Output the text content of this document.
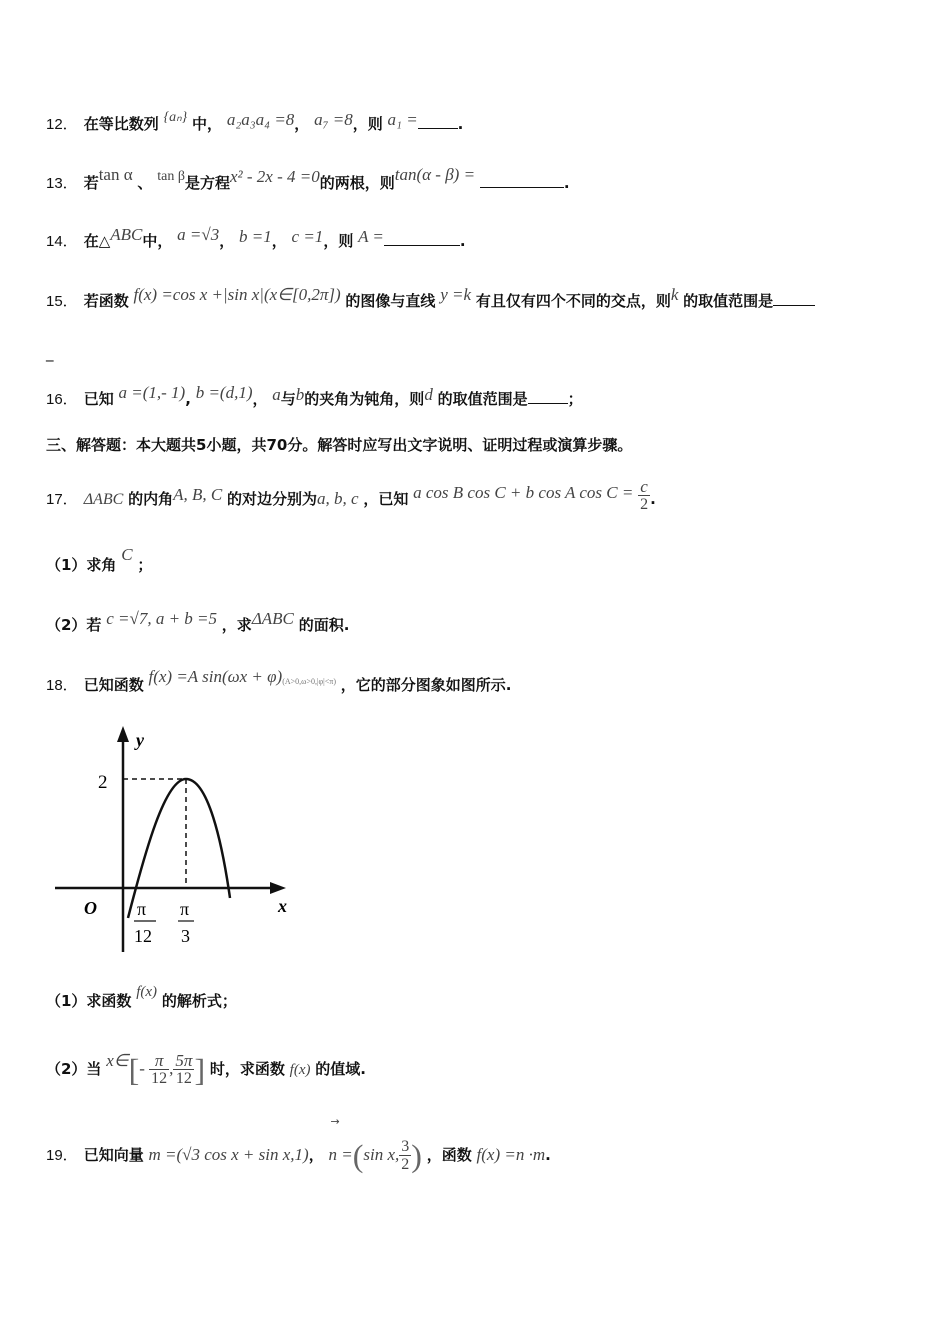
12． 在等比数列 {aₙ} 中， a₂a₃a₄ =8， a₇ =8，则 a₁ =	.
13． 若tan α 、 tan β是方程x² - 2x - 4 =0的两根，则tan(α - β) =	.
14． 在△ABC中， a =√3， b =1， c =1，则 A =	.
15． 若函数 f(x) =cos x +|sin x|(x∈[0,2π]) 的图像与直线 y =k 有且仅有四个不同的交点，则k 的取值范围是
_
16． 已知 a =(1,- 1), b =(d,1)， a与b的夹角为钝角，则d 的取值范围是	；
三、解答题：本大题共5小题，共70分。解答时应写出文字说明、证明过程或演算步骤。
17． ΔABC 的内角A, B, C 的对边分别为a, b, c ，已知 a cos B cos C + b cos A $\cos C = \frac{c}{2}$ .
（1）求角 C ；
（2）若 c =√7, a + b =5 ，求ΔABC 的面积.
18． 已知函数 f(x) =A $\sin(\omega x + \varphi)^{(A>0,\omega>0,|\varphi|<\pi)}$ ，它的部分图象如图所示.
y
x
O
2
π
12
π
3
（1）求函数 f(x) 的解析式；
（2）当 x∈[- $\frac{\pi}{12}$ , $\frac{5\pi}{12}$ ] 时，求函数 f(x) 的值域.
19． 已知向量 m =(√3 cos x + sin x,1)，
→
n =(sin x, $\frac{3}{2}$ ) ，函数 f(x) =n ·m.
